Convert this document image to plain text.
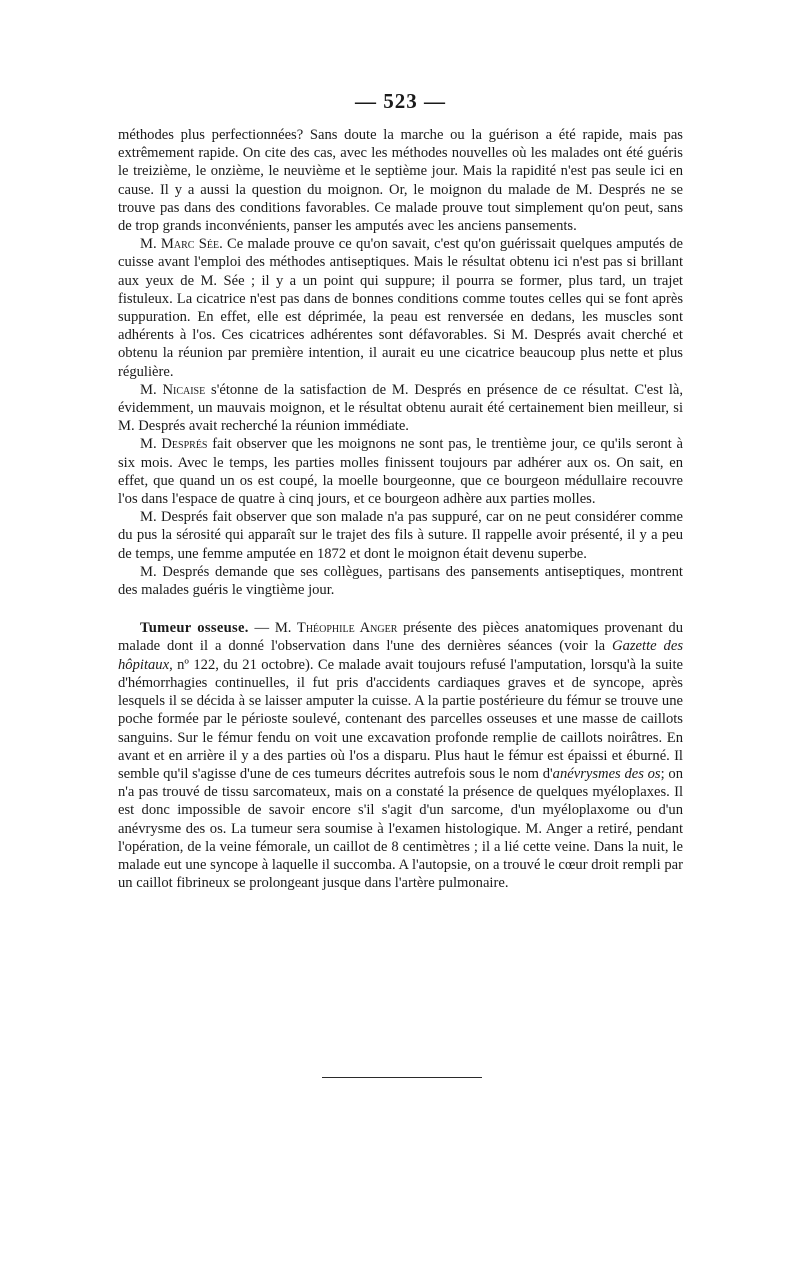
— 523 —

méthodes plus perfectionnées? Sans doute la marche ou la guérison a été rapide, mais pas extrêmement rapide. On cite des cas, avec les méthodes nouvelles où les malades ont été guéris le treizième, le onzième, le neuvième et le septième jour. Mais la rapidité n'est pas seule ici en cause. Il y a aussi la question du moignon. Or, le moignon du malade de M. Després ne se trouve pas dans des conditions favorables. Ce malade prouve tout simplement qu'on peut, sans de trop grands inconvénients, panser les amputés avec les anciens pansements.

M. Marc Sée. Ce malade prouve ce qu'on savait, c'est qu'on guérissait quelques amputés de cuisse avant l'emploi des méthodes antiseptiques. Mais le résultat obtenu ici n'est pas si brillant aux yeux de M. Sée ; il y a un point qui suppure; il pourra se former, plus tard, un trajet fistuleux. La cicatrice n'est pas dans de bonnes conditions comme toutes celles qui se font après suppuration. En effet, elle est déprimée, la peau est renversée en dedans, les muscles sont adhérents à l'os. Ces cicatrices adhérentes sont défavorables. Si M. Després avait cherché et obtenu la réunion par première intention, il aurait eu une cicatrice beaucoup plus nette et plus régulière.

M. Nicaise s'étonne de la satisfaction de M. Després en présence de ce résultat. C'est là, évidemment, un mauvais moignon, et le résultat obtenu aurait été certainement bien meilleur, si M. Després avait recherché la réunion immédiate.

M. Després fait observer que les moignons ne sont pas, le trentième jour, ce qu'ils seront à six mois. Avec le temps, les parties molles finissent toujours par adhérer aux os. On sait, en effet, que quand un os est coupé, la moelle bourgeonne, que ce bourgeon médullaire recouvre l'os dans l'espace de quatre à cinq jours, et ce bourgeon adhère aux parties molles.

M. Després fait observer que son malade n'a pas suppuré, car on ne peut considérer comme du pus la sérosité qui apparaît sur le trajet des fils à suture. Il rappelle avoir présenté, il y a peu de temps, une femme amputée en 1872 et dont le moignon était devenu superbe.

M. Després demande que ses collègues, partisans des pansements antiseptiques, montrent des malades guéris le vingtième jour.

Tumeur osseuse. — M. Théophile Anger présente des pièces anatomiques provenant du malade dont il a donné l'observation dans l'une des dernières séances (voir la Gazette des hôpitaux, nº 122, du 21 octobre). Ce malade avait toujours refusé l'amputation, lorsqu'à la suite d'hémorrhagies continuelles, il fut pris d'accidents cardiaques graves et de syncope, après lesquels il se décida à se laisser amputer la cuisse. A la partie postérieure du fémur se trouve une poche formée par le périoste soulevé, contenant des parcelles osseuses et une masse de caillots sanguins. Sur le fémur fendu on voit une excavation profonde remplie de caillots noirâtres. En avant et en arrière il y a des parties où l'os a disparu. Plus haut le fémur est épaissi et éburné. Il semble qu'il s'agisse d'une de ces tumeurs décrites autrefois sous le nom d'anévrysmes des os; on n'a pas trouvé de tissu sarcomateux, mais on a constaté la présence de quelques myéloplaxes. Il est donc impossible de savoir encore s'il s'agit d'un sarcome, d'un myéloplaxome ou d'un anévrysme des os. La tumeur sera soumise à l'examen histologique. M. Anger a retiré, pendant l'opération, de la veine fémorale, un caillot de 8 centimètres ; il a lié cette veine. Dans la nuit, le malade eut une syncope à laquelle il succomba. A l'autopsie, on a trouvé le cœur droit rempli par un caillot fibrineux se prolongeant jusque dans l'artère pulmonaire.
